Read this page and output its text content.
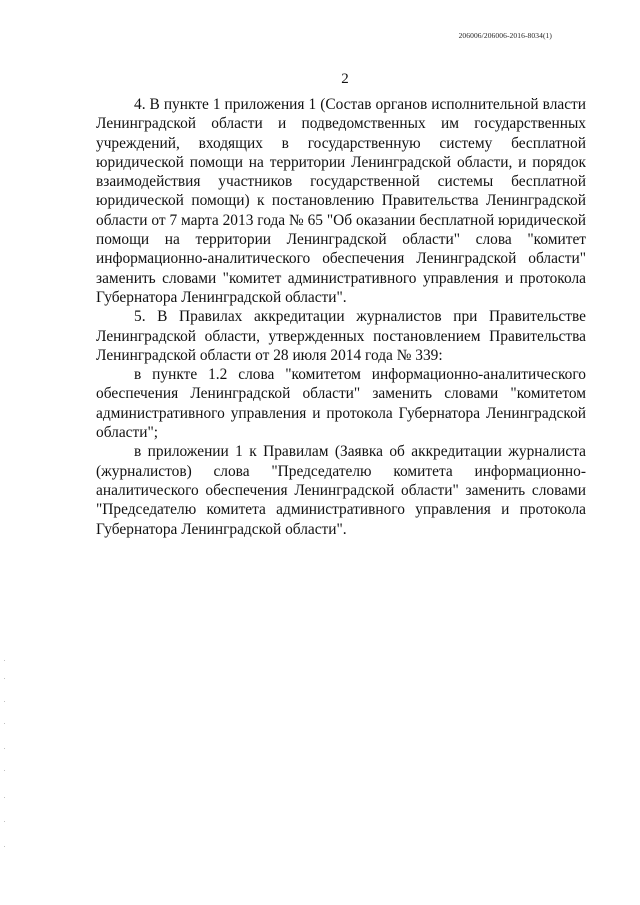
206006/206006-2016-8034(1)
2

4. В пункте 1 приложения 1 (Состав органов исполнительной власти Ленинградской области и подведомственных им государственных учреждений, входящих в государственную систему бесплатной юридической помощи на территории Ленинградской области, и порядок взаимодействия участников государственной системы бесплатной юридической помощи) к постановлению Правительства Ленинградской области от 7 марта 2013 года № 65 "Об оказании бесплатной юридической помощи на территории Ленинградской области" слова "комитет информационно-аналитического обеспечения Ленинградской области" заменить словами "комитет административного управления и протокола Губернатора Ленинградской области".

5. В Правилах аккредитации журналистов при Правительстве Ленинградской области, утвержденных постановлением Правительства Ленинградской области от 28 июля 2014 года № 339:

в пункте 1.2 слова "комитетом информационно-аналитического обеспечения Ленинградской области" заменить словами "комитетом административного управления и протокола Губернатора Ленинградской области";

в приложении 1 к Правилам (Заявка об аккредитации журналиста (журналистов) слова "Председателю комитета информационно-аналитического обеспечения Ленинградской области" заменить словами "Председателю комитета административного управления и протокола Губернатора Ленинградской области".
